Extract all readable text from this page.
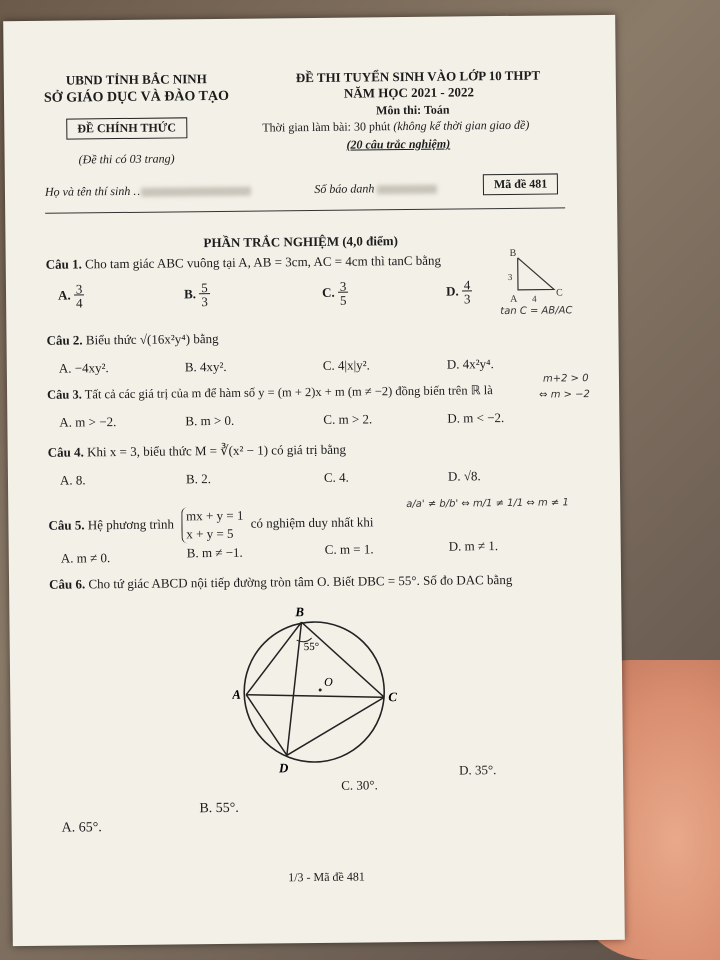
UBND TỈNH BẮC NINH
SỞ GIÁO DỤC VÀ ĐÀO TẠO
ĐỀ CHÍNH THỨC
(Đề thi có 03 trang)
ĐỀ THI TUYỂN SINH VÀO LỚP 10 THPT
NĂM HỌC 2021 - 2022
Môn thi: Toán
Thời gian làm bài: 30 phút (không kể thời gian giao đề)
(20 câu trắc nghiệm)
Họ và tên thí sinh ..	Số báo danh	Mã đề 481
PHẦN TRẮC NGHIỆM (4,0 điểm)
Câu 1. Cho tam giác ABC vuông tại A, AB = 3cm, AC = 4cm thì tanC bằng
A. $\frac{3}{4}$	B. $\frac{5}{3}$	C. $\frac{3}{5}$	D. $\frac{4}{3}$
B
3
A 4
C
tan C = AB/AC
Câu 2. Biểu thức √(16x²y⁴) bằng
A. −4xy².	B. 4xy².	C. 4|x|y².	D. 4x²y⁴.
Câu 3. Tất cả các giá trị của m để hàm số y = (m + 2)x + m (m ≠ −2) đồng biến trên ℝ là
m+2 > 0
⇔ m > −2
A. m > −2.	B. m > 0.	C. m > 2.	D. m < −2.
Câu 4. Khi x = 3, biểu thức M = ∛(x² − 1) có giá trị bằng
A. 8.	B. 2.	C. 4.	D. √8.
Câu 5. Hệ phương trình mx + y = 1
x + y = 5 có nghiệm duy nhất khi
a/a' ≠ b/b' ⇔ m/1 ≠ 1/1 ⇔ m ≠ 1
A. m ≠ 0.	B. m ≠ −1.	C. m = 1.	D. m ≠ 1.
Câu 6. Cho tứ giác ABCD nội tiếp đường tròn tâm O. Biết DBC = 55°. Số đo DAC bằng
B
A	C
D
O
55°
A. 65°.
B. 55°.
C. 30°.
D. 35°.
1/3 - Mã đề 481
